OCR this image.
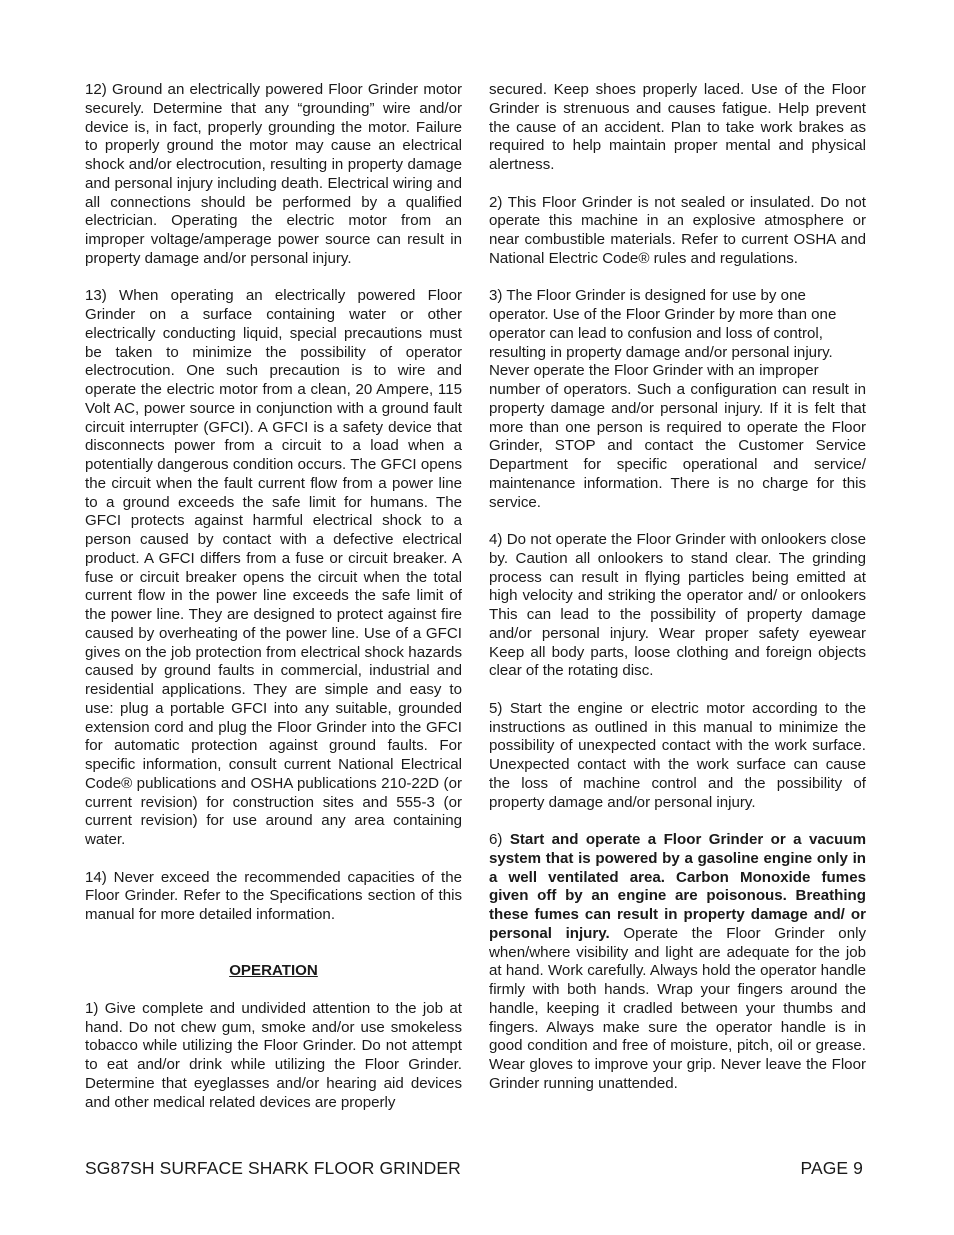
12) Ground an electrically powered Floor Grinder motor securely. Determine that any “grounding” wire and/or device is, in fact, properly grounding the motor. Failure to properly ground the motor may cause an electrical shock and/or electrocution, resulting in property damage and personal injury including death. Electrical wiring and all connections should be performed by a qualified electrician. Operating the electric motor from an improper voltage/amperage power source can result in property damage and/or personal injury.

13) When operating an electrically powered Floor Grinder on a surface containing water or other electrically conducting liquid, special precautions must be taken to minimize the possibility of operator electrocution. One such precaution is to wire and operate the electric motor from a clean, 20 Ampere, 115 Volt AC, power source in conjunction with a ground fault circuit interrupter (GFCI). A GFCI is a safety device that disconnects power from a circuit to a load when a potentially dangerous condition occurs. The GFCI opens the circuit when the fault current flow from a power line to a ground exceeds the safe limit for humans. The GFCI protects against harmful electrical shock to a person caused by contact with a defective electrical product. A GFCI differs from a fuse or circuit breaker. A fuse or circuit breaker opens the circuit when the total current flow in the power line exceeds the safe limit of the power line. They are designed to protect against fire caused by overheating of the power line. Use of a GFCI gives on the job protection from electrical shock hazards caused by ground faults in commercial, industrial and residential applications. They are simple and easy to use: plug a portable GFCI into any suitable, grounded extension cord and plug the Floor Grinder into the GFCI for automatic protection against ground faults. For specific information, consult current National Electrical Code® publications and OSHA publications 210-22D (or current revision) for construction sites and 555-3 (or current revision) for use around any area containing water.

14) Never exceed the recommended capacities of the Floor Grinder. Refer to the Specifications section of this manual for more detailed information.

OPERATION

1) Give complete and undivided attention to the job at hand. Do not chew gum, smoke and/or use smokeless tobacco while utilizing the Floor Grinder. Do not attempt to eat and/or drink while utilizing the Floor Grinder. Determine that eyeglasses and/or hearing aid devices and other medical related devices are properly

secured. Keep shoes properly laced. Use of the Floor Grinder is strenuous and causes fatigue. Help prevent the cause of an accident. Plan to take work brakes as required to help maintain proper mental and physical alertness.

2) This Floor Grinder is not sealed or insulated. Do not operate this machine in an explosive atmosphere or near combustible materials. Refer to current OSHA and National Electric Code® rules and regulations.

3) The Floor Grinder is designed for use by one operator. Use of the Floor Grinder by more than one operator can lead to confusion and loss of control, resulting in property damage and/or personal injury. Never operate the Floor Grinder with an improper
number of operators. Such a configuration can result in property damage and/or personal injury. If it is felt that more than one person is required to operate the Floor Grinder, STOP and contact the Customer Service Department for specific operational and service/ maintenance information. There is no charge for this service.

4) Do not operate the Floor Grinder with onlookers close by. Caution all onlookers to stand clear. The grinding process can result in flying particles being emitted at high velocity and striking the operator and/ or onlookers This can lead to the possibility of property damage and/or personal injury. Wear proper safety eyewear Keep all body parts, loose clothing and foreign objects clear of the rotating disc.

5) Start the engine or electric motor according to the instructions as outlined in this manual to minimize the possibility of unexpected contact with the work surface. Unexpected contact with the work surface can cause the loss of machine control and the possibility of property damage and/or personal injury.

6) Start and operate a Floor Grinder or a vacuum system that is powered by a gasoline engine only in a well ventilated area. Carbon Monoxide fumes given off by an engine are poisonous. Breathing these fumes can result in property damage and/ or personal injury. Operate the Floor Grinder only when/where visibility and light are adequate for the job at hand. Work carefully. Always hold the operator handle firmly with both hands. Wrap your fingers around the handle, keeping it cradled between your thumbs and fingers. Always make sure the operator handle is in good condition and free of moisture, pitch, oil or grease. Wear gloves to improve your grip. Never leave the Floor Grinder running unattended.

SG87SH SURFACE SHARK FLOOR GRINDER	PAGE 9
